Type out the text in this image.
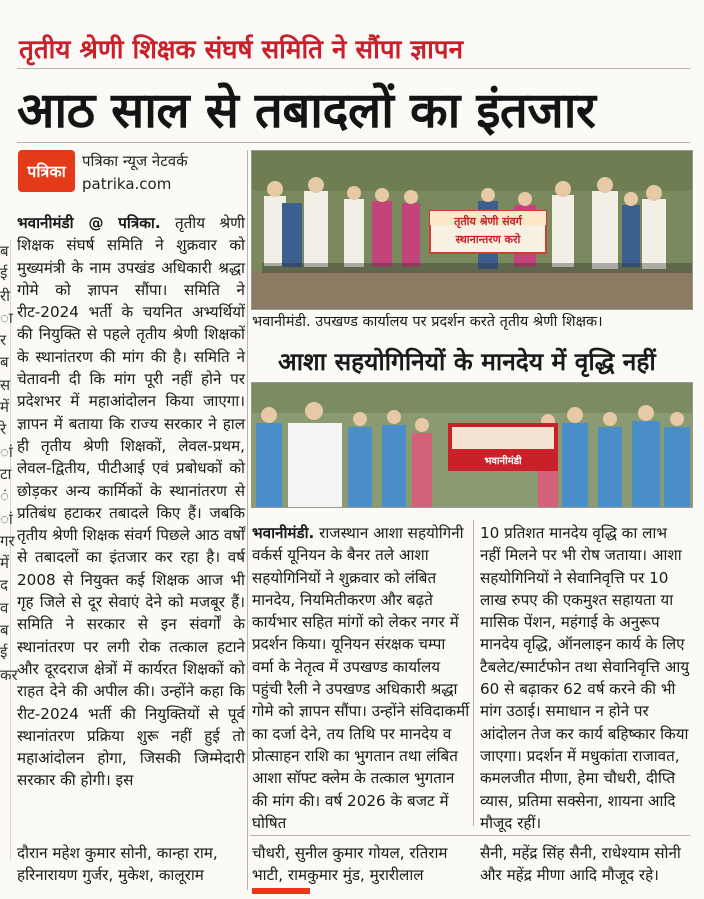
ब
ई
री
ा
र
ब
स
में
रे
ां
टा
ं
ां
गर
में
द
व
ब
ई
कर
तृतीय श्रेणी शिक्षक संघर्ष समिति ने सौंपा ज्ञापन
आठ साल से तबादलों का इंतजार
पत्रिका
पत्रिका न्यूज नेटवर्क
patrika.com

भवानीमंडी @ पत्रिका. तृतीय श्रेणी शिक्षक संघर्ष समिति ने शुक्रवार को मुख्यमंत्री के नाम उपखंड अधिकारी श्रद्धा गोमे को ज्ञापन सौंपा। समिति ने रीट-2024 भर्ती के चयनित अभ्यर्थियों की नियुक्ति से पहले तृतीय श्रेणी शिक्षकों के स्थानांतरण की मांग की है। समिति ने चेतावनी दी कि मांग पूरी नहीं होने पर प्रदेशभर में महाआंदोलन किया जाएगा। ज्ञापन में बताया कि राज्य सरकार ने हाल ही तृतीय श्रेणी शिक्षकों, लेवल-प्रथम, लेवल-द्वितीय, पीटीआई एवं प्रबोधकों को छोड़कर अन्य कार्मिकों के स्थानांतरण से प्रतिबंध हटाकर तबादले किए हैं। जबकि तृतीय श्रेणी शिक्षक संवर्ग पिछले आठ वर्षों से तबादलों का इंतजार कर रहा है। वर्ष 2008 से नियुक्त कई शिक्षक आज भी गृह जिले से दूर सेवाएं देने को मजबूर हैं। समिति ने सरकार से इन संवर्गों के स्थानांतरण पर लगी रोक तत्काल हटाने और दूरदराज क्षेत्रों में कार्यरत शिक्षकों को राहत देने की अपील की। उन्होंने कहा कि रीट-2024 भर्ती की नियुक्तियों से पूर्व स्थानांतरण प्रक्रिया शुरू नहीं हुई तो महाआंदोलन होगा, जिसकी जिम्मेदारी सरकार की होगी। इस

तृतीय श्रेणी संवर्ग स्थानान्तरण करो
भवानीमंडी. उपखण्ड कार्यालय पर प्रदर्शन करते तृतीय श्रेणी शिक्षक।
आशा सहयोगिनियों के मानदेय में वृद्धि नहीं
भवानीमंडी

भवानीमंडी. राजस्थान आशा सहयोगिनी वर्कर्स यूनियन के बैनर तले आशा सहयोगिनियों ने शुक्रवार को लंबित मानदेय, नियमितीकरण और बढ़ते कार्यभार सहित मांगों को लेकर नगर में प्रदर्शन किया। यूनियन संरक्षक चम्पा वर्मा के नेतृत्व में उपखण्ड कार्यालय पहुंची रैली ने उपखण्ड अधिकारी श्रद्धा गोमे को ज्ञापन सौंपा। उन्होंने संविदाकर्मी का दर्जा देने, तय तिथि पर मानदेय व प्रोत्साहन राशि का भुगतान तथा लंबित आशा सॉफ्ट क्लेम के तत्काल भुगतान की मांग की। वर्ष 2026 के बजट में घोषित

10 प्रतिशत मानदेय वृद्धि का लाभ नहीं मिलने पर भी रोष जताया। आशा सहयोगिनियों ने सेवानिवृत्ति पर 10 लाख रुपए की एकमुश्त सहायता या मासिक पेंशन, महंगाई के अनुरूप मानदेय वृद्धि, ऑनलाइन कार्य के लिए टैबलेट/स्मार्टफोन तथा सेवानिवृत्ति आयु 60 से बढ़ाकर 62 वर्ष करने की भी मांग उठाई। समाधान न होने पर आंदोलन तेज कर कार्य बहिष्कार किया जाएगा। प्रदर्शन में मधुकांता राजावत, कमलजीत मीणा, हेमा चौधरी, दीप्ति व्यास, प्रतिमा सक्सेना, शायना आदि मौजूद रहीं।

दौरान महेश कुमार सोनी, कान्हा राम,
हरिनारायण गुर्जर, मुकेश, कालूराम
चौधरी, सुनील कुमार गोयल, रतिराम
भाटी, रामकुमार मुंड, मुरारीलाल
सैनी, महेंद्र सिंह सैनी, राधेश्याम सोनी
और महेंद्र मीणा आदि मौजूद रहे।
